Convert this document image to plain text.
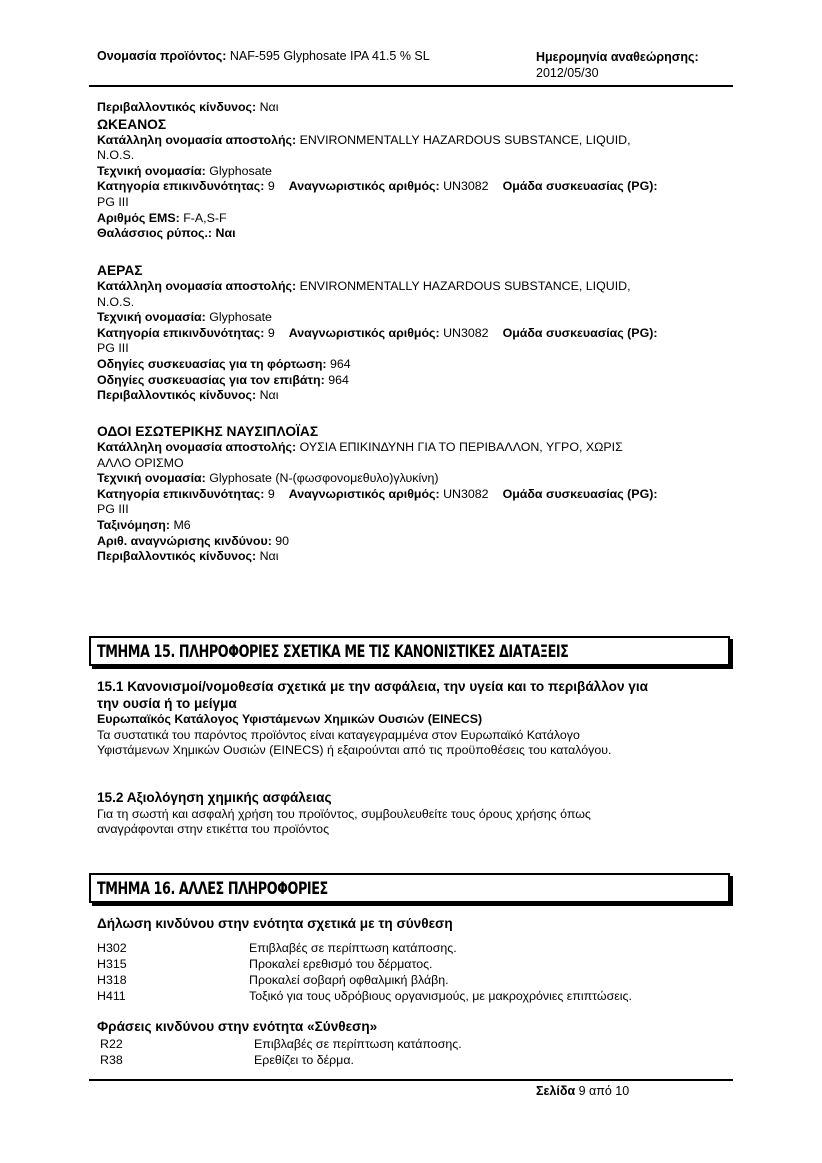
Ονομασία προϊόντος: NAF-595 Glyphosate IPA 41.5 % SL	Ημερομηνία αναθεώρησης:
2012/05/30
Περιβαλλοντικός κίνδυνος: Ναι
ΩΚΕΑΝΟΣ
Κατάλληλη ονομασία αποστολής: ENVIRONMENTALLY HAZARDOUS SUBSTANCE, LIQUID,
N.O.S.
Τεχνική ονομασία: Glyphosate
Κατηγορία επικινδυνότητας: 9 Αναγνωριστικός αριθμός: UN3082 Ομάδα συσκευασίας (PG):
PG III
Αριθμός EMS: F-A,S-F
Θαλάσσιος ρύπος.: Ναι
ΑΕΡΑΣ
Κατάλληλη ονομασία αποστολής: ENVIRONMENTALLY HAZARDOUS SUBSTANCE, LIQUID,
N.O.S.
Τεχνική ονομασία: Glyphosate
Κατηγορία επικινδυνότητας: 9 Αναγνωριστικός αριθμός: UN3082 Ομάδα συσκευασίας (PG):
PG III
Οδηγίες συσκευασίας για τη φόρτωση: 964
Οδηγίες συσκευασίας για τον επιβάτη: 964
Περιβαλλοντικός κίνδυνος: Ναι
ΟΔΟΙ ΕΣΩΤΕΡΙΚΗΣ ΝΑΥΣΙΠΛΟΪΑΣ
Κατάλληλη ονομασία αποστολής: ΟΥΣΙΑ ΕΠΙΚΙΝΔΥΝΗ ΓΙΑ ΤΟ ΠΕΡΙΒΑΛΛΟΝ, ΥΓΡΟ, ΧΩΡΙΣ
ΑΛΛΟ ΟΡΙΣΜΟ
Τεχνική ονομασία: Glyphosate (N-(φωσφονομεθυλο)γλυκίνη)
Κατηγορία επικινδυνότητας: 9 Αναγνωριστικός αριθμός: UN3082 Ομάδα συσκευασίας (PG):
PG III
Ταξινόμηση: M6
Αριθ. αναγνώρισης κινδύνου: 90
Περιβαλλοντικός κίνδυνος: Ναι
ΤΜΗΜΑ 15. ΠΛΗΡΟΦΟΡΙΕΣ ΣΧΕΤΙΚΑ ΜΕ ΤΙΣ ΚΑΝΟΝΙΣΤΙΚΕΣ ΔΙΑΤΑΞΕΙΣ
15.1 Κανονισμοί/νομοθεσία σχετικά με την ασφάλεια, την υγεία και το περιβάλλον για
την ουσία ή το μείγμα
Ευρωπαϊκός Κατάλογος Υφιστάμενων Χημικών Ουσιών (EINECS)
Τα συστατικά του παρόντος προϊόντος είναι καταγεγραμμένα στον Ευρωπαϊκό Κατάλογο
Υφιστάμενων Χημικών Ουσιών (EINECS) ή εξαιρούνται από τις προϋποθέσεις του καταλόγου.
15.2 Αξιολόγηση χημικής ασφάλειας
Για τη σωστή και ασφαλή χρήση του προϊόντος, συμβουλευθείτε τους όρους χρήσης όπως
αναγράφονται στην ετικέττα του προϊόντος
ΤΜΗΜΑ 16. ΑΛΛΕΣ ΠΛΗΡΟΦΟΡΙΕΣ
Δήλωση κινδύνου στην ενότητα σχετικά με τη σύνθεση
H302	Επιβλαβές σε περίπτωση κατάποσης.
H315	Προκαλεί ερεθισμό του δέρματος.
H318	Προκαλεί σοβαρή οφθαλμική βλάβη.
H411	Τοξικό για τους υδρόβιους οργανισμούς, με μακροχρόνιες επιπτώσεις.
Φράσεις κινδύνου στην ενότητα «Σύνθεση»
R22	Επιβλαβές σε περίπτωση κατάποσης.
R38	Ερεθίζει το δέρμα.
Σελίδα 9 από 10
